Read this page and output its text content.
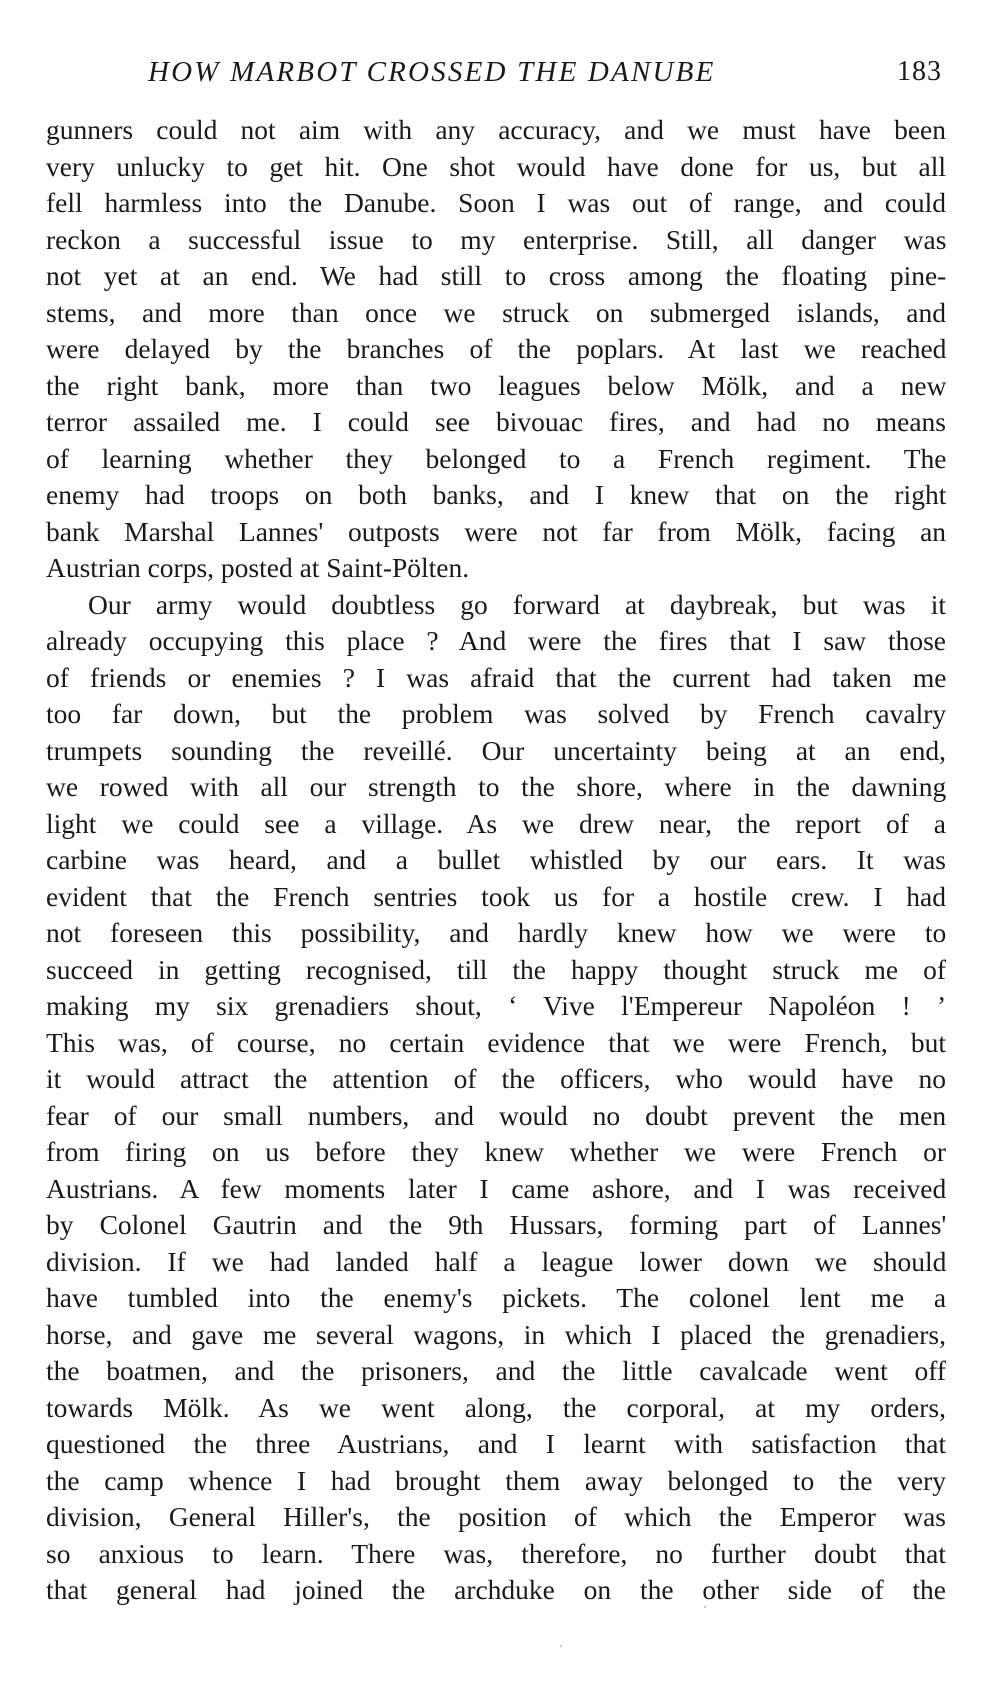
HOW MARBOT CROSSED THE DANUBE	183
gunners could not aim with any accuracy, and we must have been
very unlucky to get hit. One shot would have done for us, but all
fell harmless into the Danube. Soon I was out of range, and could
reckon a successful issue to my enterprise. Still, all danger was
not yet at an end. We had still to cross among the floating pine-
stems, and more than once we struck on submerged islands, and
were delayed by the branches of the poplars. At last we reached
the right bank, more than two leagues below Mölk, and a new
terror assailed me. I could see bivouac fires, and had no means
of learning whether they belonged to a French regiment. The
enemy had troops on both banks, and I knew that on the right
bank Marshal Lannes' outposts were not far from Mölk, facing an
Austrian corps, posted at Saint-Pölten.
Our army would doubtless go forward at daybreak, but was it
already occupying this place ? And were the fires that I saw those
of friends or enemies ? I was afraid that the current had taken me
too far down, but the problem was solved by French cavalry
trumpets sounding the reveillé. Our uncertainty being at an end,
we rowed with all our strength to the shore, where in the dawning
light we could see a village. As we drew near, the report of a
carbine was heard, and a bullet whistled by our ears. It was
evident that the French sentries took us for a hostile crew. I had
not foreseen this possibility, and hardly knew how we were to
succeed in getting recognised, till the happy thought struck me of
making my six grenadiers shout, ‘ Vive l'Empereur Napoléon ! ’
This was, of course, no certain evidence that we were French, but
it would attract the attention of the officers, who would have no
fear of our small numbers, and would no doubt prevent the men
from firing on us before they knew whether we were French or
Austrians. A few moments later I came ashore, and I was received
by Colonel Gautrin and the 9th Hussars, forming part of Lannes'
division. If we had landed half a league lower down we should
have tumbled into the enemy's pickets. The colonel lent me a
horse, and gave me several wagons, in which I placed the grenadiers,
the boatmen, and the prisoners, and the little cavalcade went off
towards Mölk. As we went along, the corporal, at my orders,
questioned the three Austrians, and I learnt with satisfaction that
the camp whence I had brought them away belonged to the very
division, General Hiller's, the position of which the Emperor was
so anxious to learn. There was, therefore, no further doubt that
that general had joined the archduke on the other side of the
